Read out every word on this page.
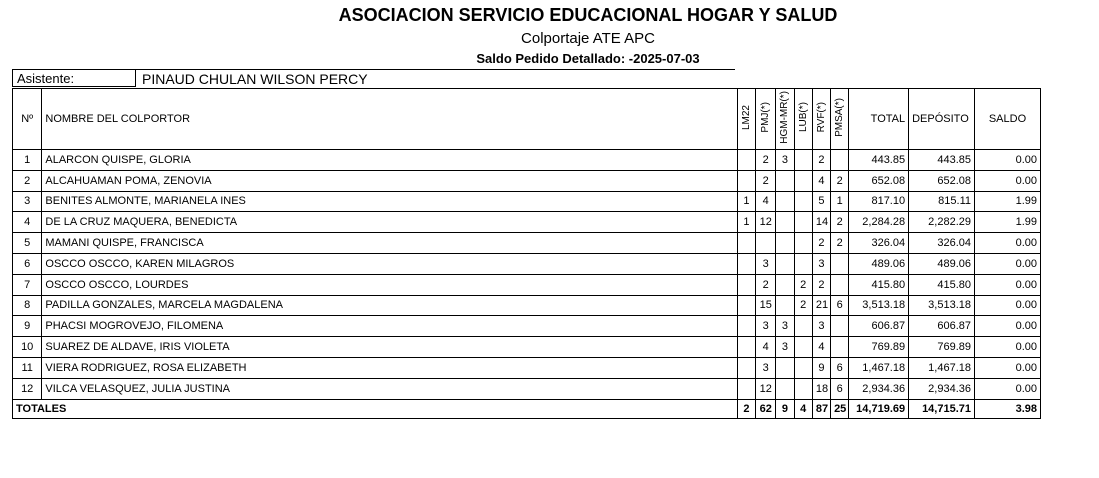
ASOCIACION SERVICIO EDUCACIONAL HOGAR Y SALUD
Colportaje ATE APC
Saldo Pedido Detallado: -2025-07-03
Asistente:	PINAUD CHULAN WILSON PERCY
Nº	NOMBRE DEL COLPORTOR	LM22	PMJ(*)	HGM-MR(*)	LUB(*)	RVF(*)	PMSA(*)	TOTAL	DEPÓSITO	SALDO
1	ALARCON QUISPE, GLORIA		2	3		2		443.85	443.85	0.00
2	ALCAHUAMAN POMA, ZENOVIA		2			4	2	652.08	652.08	0.00
3	BENITES ALMONTE, MARIANELA INES	1	4			5	1	817.10	815.11	1.99
4	DE LA CRUZ MAQUERA, BENEDICTA	1	12			14	2	2,284.28	2,282.29	1.99
5	MAMANI QUISPE, FRANCISCA					2	2	326.04	326.04	0.00
6	OSCCO OSCCO, KAREN MILAGROS		3			3		489.06	489.06	0.00
7	OSCCO OSCCO, LOURDES		2		2	2		415.80	415.80	0.00
8	PADILLA GONZALES, MARCELA MAGDALENA		15		2	21	6	3,513.18	3,513.18	0.00
9	PHACSI MOGROVEJO, FILOMENA		3	3		3		606.87	606.87	0.00
10	SUAREZ DE ALDAVE, IRIS VIOLETA		4	3		4		769.89	769.89	0.00
11	VIERA RODRIGUEZ, ROSA ELIZABETH		3			9	6	1,467.18	1,467.18	0.00
12	VILCA VELASQUEZ, JULIA JUSTINA		12			18	6	2,934.36	2,934.36	0.00
TOTALES		2	62	9	4	87	25	14,719.69	14,715.71	3.98
